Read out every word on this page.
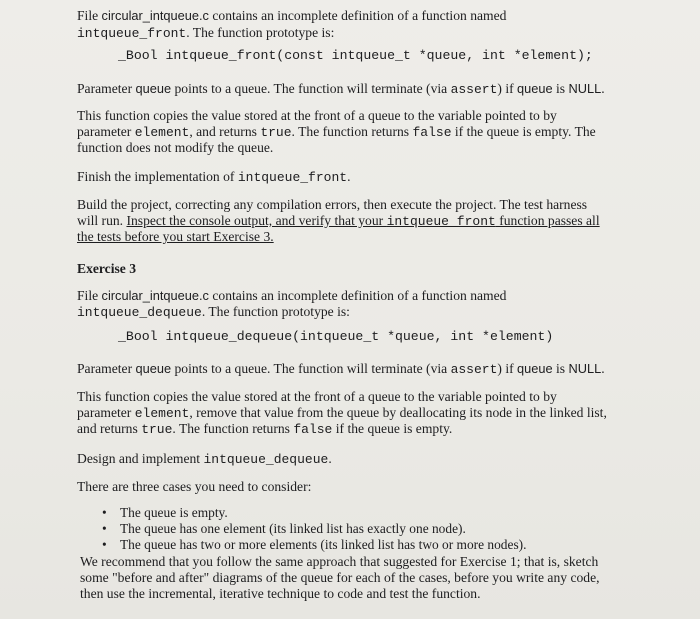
File circular_intqueue.c contains an incomplete definition of a function named

intqueue_front. The function prototype is:

_Bool intqueue_front(const intqueue_t *queue, int *element);

Parameter queue points to a queue. The function will terminate (via assert) if queue is NULL.

This function copies the value stored at the front of a queue to the variable pointed to by

parameter element, and returns true. The function returns false if the queue is empty. The

function does not modify the queue.

Finish the implementation of intqueue_front.

Build the project, correcting any compilation errors, then execute the project. The test harness

will run. Inspect the console output, and verify that your intqueue_front function passes all

the tests before you start Exercise 3.

Exercise 3

File circular_intqueue.c contains an incomplete definition of a function named

intqueue_dequeue. The function prototype is:

_Bool intqueue_dequeue(intqueue_t *queue, int *element)

Parameter queue points to a queue. The function will terminate (via assert) if queue is NULL.

This function copies the value stored at the front of a queue to the variable pointed to by

parameter element, remove that value from the queue by deallocating its node in the linked list,

and returns true. The function returns false if the queue is empty.

Design and implement intqueue_dequeue.

There are three cases you need to consider:

• The queue is empty.
• The queue has one element (its linked list has exactly one node).
• The queue has two or more elements (its linked list has two or more nodes).

We recommend that you follow the same approach that suggested for Exercise 1; that is, sketch

some "before and after" diagrams of the queue for each of the cases, before you write any code,

then use the incremental, iterative technique to code and test the function.
